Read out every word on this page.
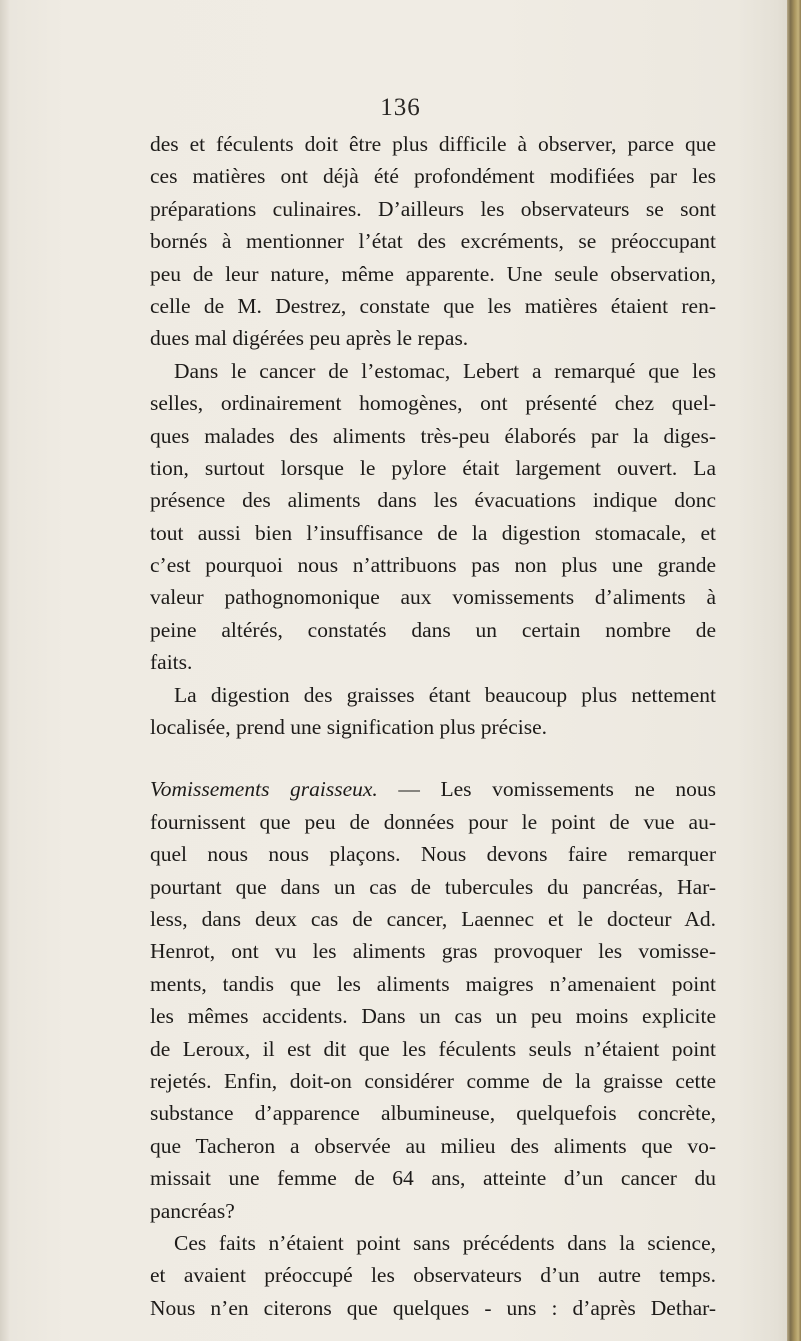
136
des et féculents doit être plus difficile à observer, parce que
ces matières ont déjà été profondément modifiées par les
préparations culinaires. D’ailleurs les observateurs se sont
bornés à mentionner l’état des excréments, se préoccupant
peu de leur nature, même apparente. Une seule observation,
celle de M. Destrez, constate que les matières étaient ren-
dues mal digérées peu après le repas.
Dans le cancer de l’estomac, Lebert a remarqué que les
selles, ordinairement homogènes, ont présenté chez quel-
ques malades des aliments très-peu élaborés par la diges-
tion, surtout lorsque le pylore était largement ouvert. La
présence des aliments dans les évacuations indique donc
tout aussi bien l’insuffisance de la digestion stomacale, et
c’est pourquoi nous n’attribuons pas non plus une grande
valeur pathognomonique aux vomissements d’aliments à
peine altérés, constatés dans un certain nombre de
faits.
La digestion des graisses étant beaucoup plus nettement
localisée, prend une signification plus précise.
Vomissements graisseux. — Les vomissements ne nous
fournissent que peu de données pour le point de vue au-
quel nous nous plaçons. Nous devons faire remarquer
pourtant que dans un cas de tubercules du pancréas, Har-
less, dans deux cas de cancer, Laennec et le docteur Ad.
Henrot, ont vu les aliments gras provoquer les vomisse-
ments, tandis que les aliments maigres n’amenaient point
les mêmes accidents. Dans un cas un peu moins explicite
de Leroux, il est dit que les féculents seuls n’étaient point
rejetés. Enfin, doit-on considérer comme de la graisse cette
substance d’apparence albumineuse, quelquefois concrète,
que Tacheron a observée au milieu des aliments que vo-
missait une femme de 64 ans, atteinte d’un cancer du
pancréas?
Ces faits n’étaient point sans précédents dans la science,
et avaient préoccupé les observateurs d’un autre temps.
Nous n’en citerons que quelques - uns : d’après Dethar-
